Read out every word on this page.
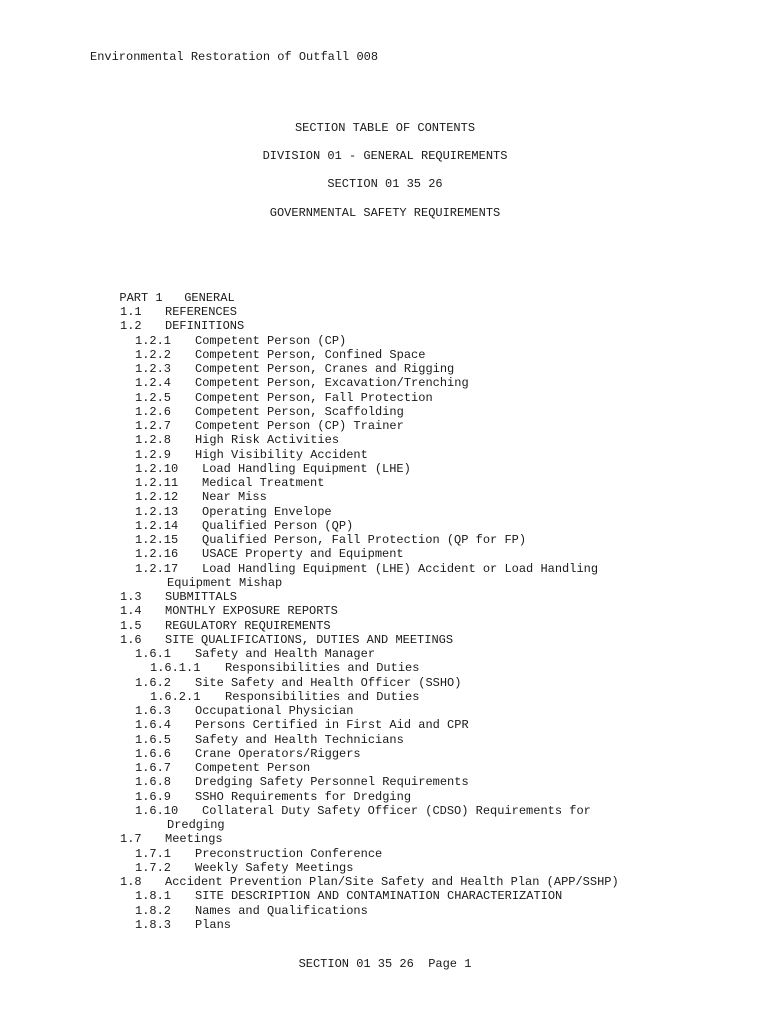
Environmental Restoration of Outfall 008
SECTION TABLE OF CONTENTS
DIVISION 01 - GENERAL REQUIREMENTS
SECTION 01 35 26
GOVERNMENTAL SAFETY REQUIREMENTS

PART 1 GENERAL

1.1 REFERENCES
1.2 DEFINITIONS
1.2.1 Competent Person (CP)
1.2.2 Competent Person, Confined Space
1.2.3 Competent Person, Cranes and Rigging
1.2.4 Competent Person, Excavation/Trenching
1.2.5 Competent Person, Fall Protection
1.2.6 Competent Person, Scaffolding
1.2.7 Competent Person (CP) Trainer
1.2.8 High Risk Activities
1.2.9 High Visibility Accident
1.2.10 Load Handling Equipment (LHE)
1.2.11 Medical Treatment
1.2.12 Near Miss
1.2.13 Operating Envelope
1.2.14 Qualified Person (QP)
1.2.15 Qualified Person, Fall Protection (QP for FP)
1.2.16 USACE Property and Equipment
1.2.17 Load Handling Equipment (LHE) Accident or Load Handling
Equipment Mishap
1.3 SUBMITTALS
1.4 MONTHLY EXPOSURE REPORTS
1.5 REGULATORY REQUIREMENTS
1.6 SITE QUALIFICATIONS, DUTIES AND MEETINGS
1.6.1 Safety and Health Manager
1.6.1.1 Responsibilities and Duties
1.6.2 Site Safety and Health Officer (SSHO)
1.6.2.1 Responsibilities and Duties
1.6.3 Occupational Physician
1.6.4 Persons Certified in First Aid and CPR
1.6.5 Safety and Health Technicians
1.6.6 Crane Operators/Riggers
1.6.7 Competent Person
1.6.8 Dredging Safety Personnel Requirements
1.6.9 SSHO Requirements for Dredging
1.6.10 Collateral Duty Safety Officer (CDSO) Requirements for
Dredging
1.7 Meetings
1.7.1 Preconstruction Conference
1.7.2 Weekly Safety Meetings
1.8 Accident Prevention Plan/Site Safety and Health Plan (APP/SSHP)
1.8.1 SITE DESCRIPTION AND CONTAMINATION CHARACTERIZATION
1.8.2 Names and Qualifications
1.8.3 Plans
SECTION 01 35 26  Page 1
